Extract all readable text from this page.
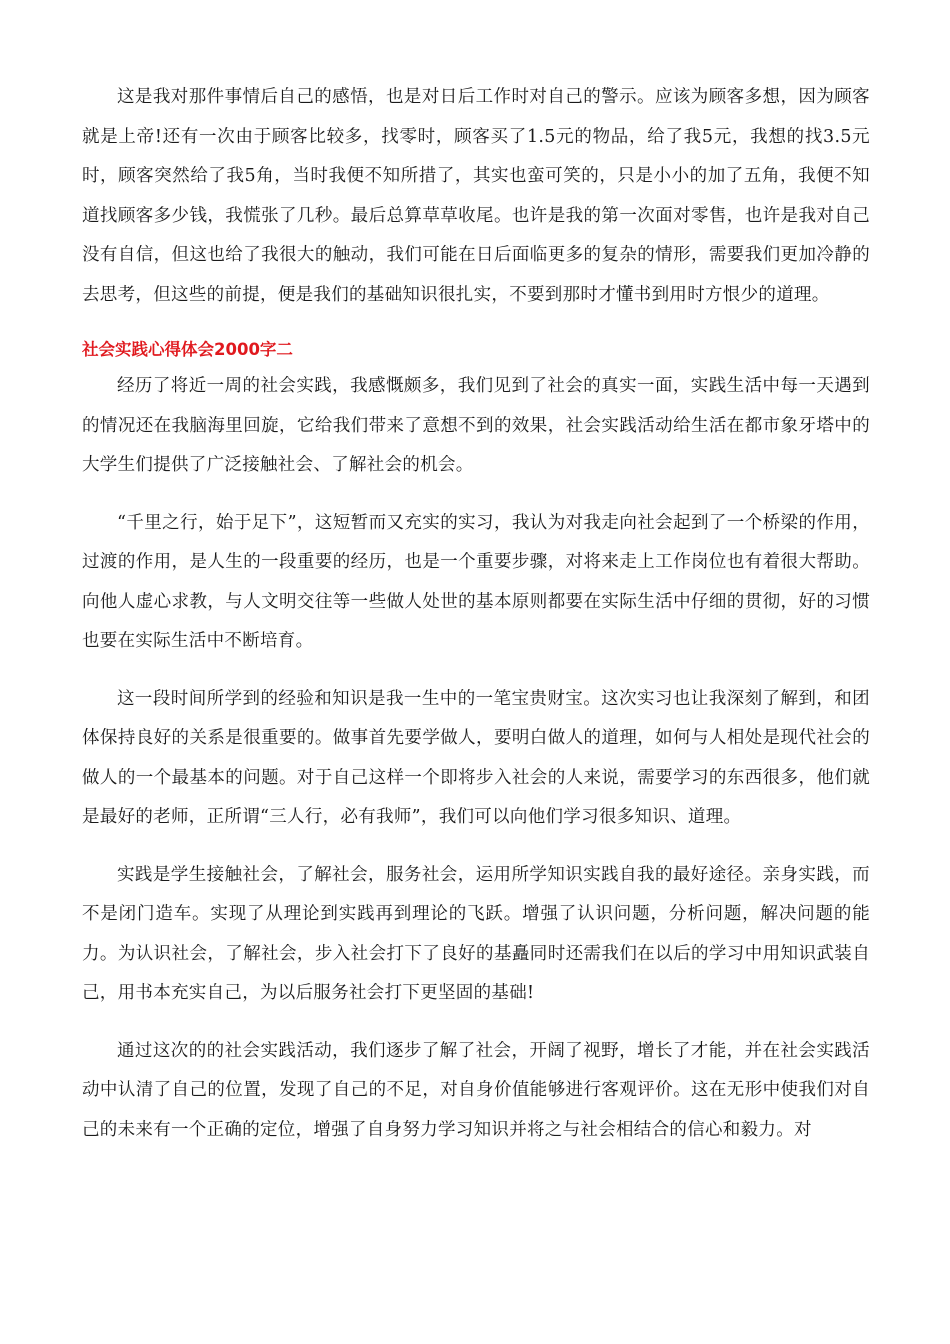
这是我对那件事情后自己的感悟，也是对日后工作时对自己的警示。应该为顾客多想，因为顾客就是上帝!还有一次由于顾客比较多，找零时，顾客买了1.5元的物品，给了我5元，我想的找3.5元时，顾客突然给了我5角，当时我便不知所措了，其实也蛮可笑的，只是小小的加了五角，我便不知道找顾客多少钱，我慌张了几秒。最后总算草草收尾。也许是我的第一次面对零售，也许是我对自己没有自信，但这也给了我很大的触动，我们可能在日后面临更多的复杂的情形，需要我们更加冷静的去思考，但这些的前提，便是我们的基础知识很扎实，不要到那时才懂书到用时方恨少的道理。

社会实践心得体会2000字二

经历了将近一周的社会实践，我感慨颇多，我们见到了社会的真实一面，实践生活中每一天遇到的情况还在我脑海里回旋，它给我们带来了意想不到的效果，社会实践活动给生活在都市象牙塔中的大学生们提供了广泛接触社会、了解社会的机会。

“千里之行，始于足下”，这短暂而又充实的实习，我认为对我走向社会起到了一个桥梁的作用，过渡的作用，是人生的一段重要的经历，也是一个重要步骤，对将来走上工作岗位也有着很大帮助。向他人虚心求教，与人文明交往等一些做人处世的基本原则都要在实际生活中仔细的贯彻，好的习惯也要在实际生活中不断培育。

这一段时间所学到的经验和知识是我一生中的一笔宝贵财宝。这次实习也让我深刻了解到，和团体保持良好的关系是很重要的。做事首先要学做人，要明白做人的道理，如何与人相处是现代社会的做人的一个最基本的问题。对于自己这样一个即将步入社会的人来说，需要学习的东西很多，他们就是最好的老师，正所谓“三人行，必有我师”，我们可以向他们学习很多知识、道理。

实践是学生接触社会，了解社会，服务社会，运用所学知识实践自我的最好途径。亲身实践，而不是闭门造车。实现了从理论到实践再到理论的飞跃。增强了认识问题，分析问题，解决问题的能力。为认识社会，了解社会，步入社会打下了良好的基矗同时还需我们在以后的学习中用知识武装自己，用书本充实自己，为以后服务社会打下更坚固的基础!

通过这次的的社会实践活动，我们逐步了解了社会，开阔了视野，增长了才能，并在社会实践活动中认清了自己的位置，发现了自己的不足，对自身价值能够进行客观评价。这在无形中使我们对自己的未来有一个正确的定位，增强了自身努力学习知识并将之与社会相结合的信心和毅力。对
